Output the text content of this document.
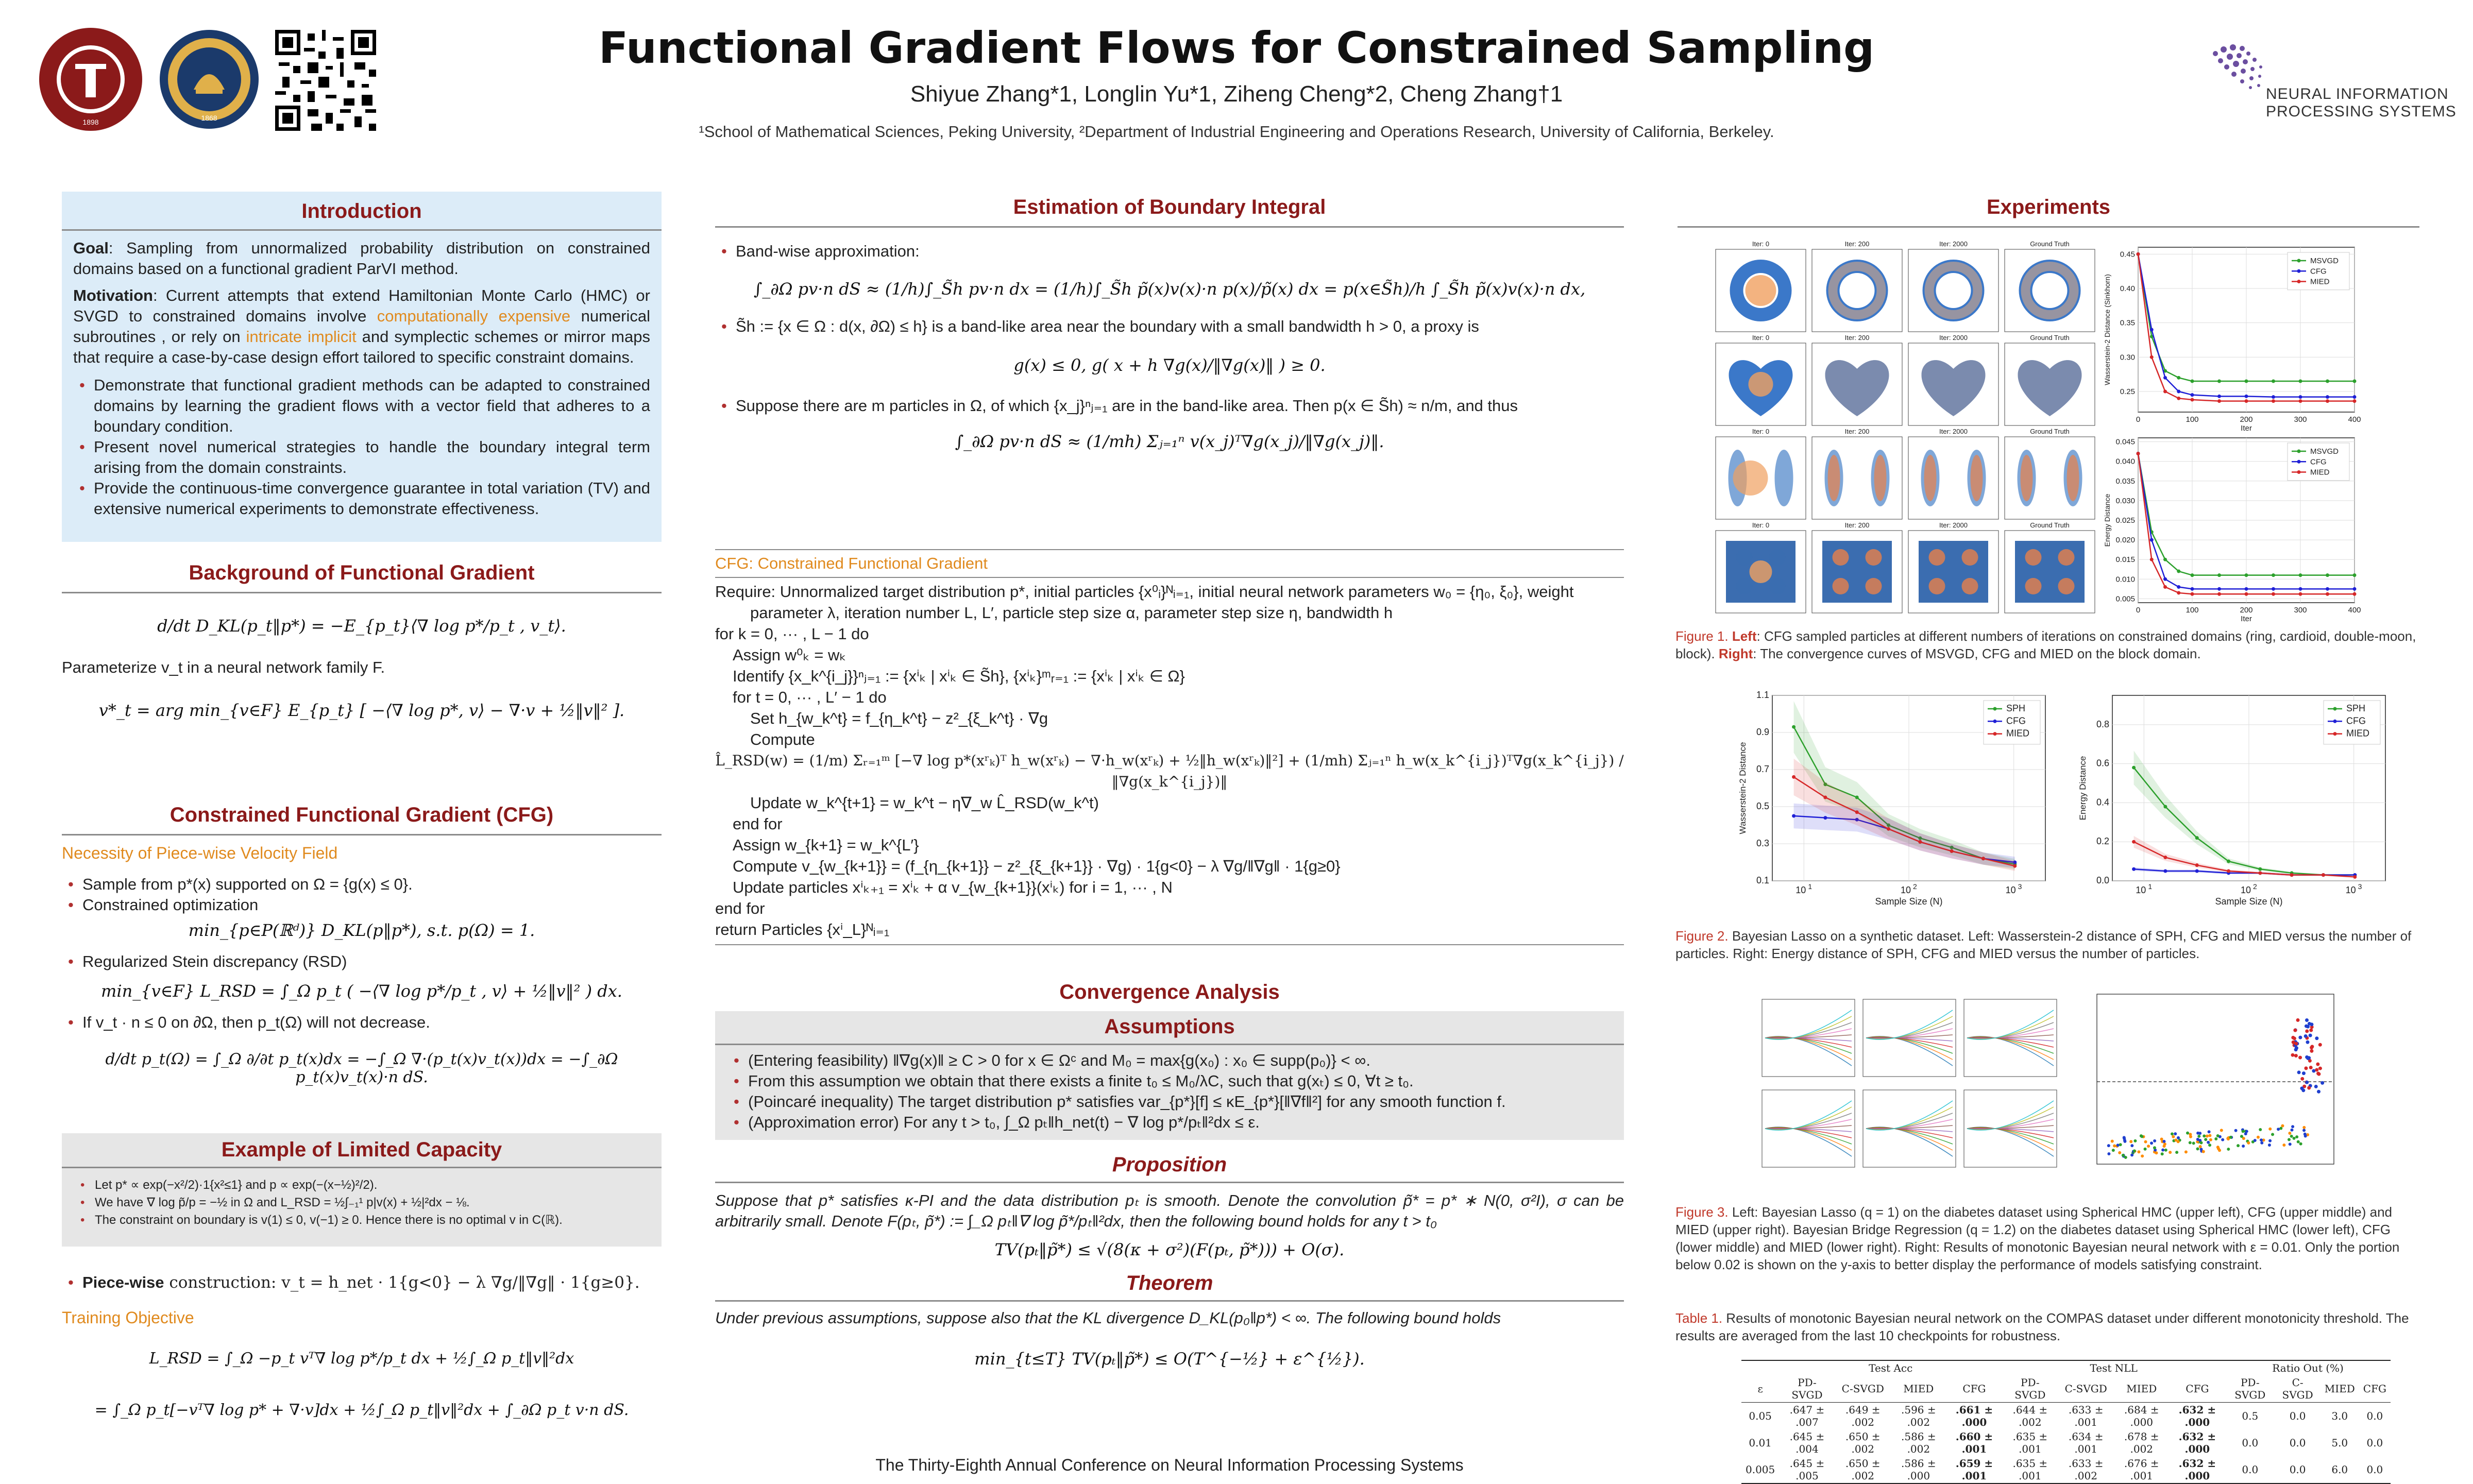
1898	1868
Functional Gradient Flows for Constrained Sampling
Shiyue Zhang*1, Longlin Yu*1, Ziheng Cheng*2, Cheng Zhang†1
¹School of Mathematical Sciences, Peking University, ²Department of Industrial Engineering and Operations Research, University of California, Berkeley.
NEURAL INFORMATION
PROCESSING SYSTEMS
Introduction
Goal: Sampling from unnormalized probability distribution on constrained domains based on a functional gradient ParVI method.
Motivation: Current attempts that extend Hamiltonian Monte Carlo (HMC) or SVGD to constrained domains involve computationally expensive numerical subroutines , or rely on intricate implicit and symplectic schemes or mirror maps that require a case-by-case design effort tailored to specific constraint domains.
• Demonstrate that functional gradient methods can be adapted to constrained domains by learning the gradient flows with a vector field that adheres to a boundary condition.
• Present novel numerical strategies to handle the boundary integral term arising from the domain constraints.
• Provide the continuous-time convergence guarantee in total variation (TV) and extensive numerical experiments to demonstrate effectiveness.
Background of Functional Gradient
d/dt D_KL(p_t‖p*) = −E_{p_t}⟨∇ log p*/p_t , v_t⟩.
Parameterize v_t in a neural network family F.
v*_t = arg min_{v∈F} E_{p_t} [ −⟨∇ log p*, v⟩ − ∇·v + ½‖v‖² ].
Constrained Functional Gradient (CFG)
Necessity of Piece-wise Velocity Field
• Sample from p*(x) supported on Ω = {g(x) ≤ 0}.
• Constrained optimization
min_{p∈P(ℝᵈ)} D_KL(p‖p*), s.t. p(Ω) = 1.
• Regularized Stein discrepancy (RSD)
min_{v∈F} L_RSD = ∫_Ω p_t ( −⟨∇ log p*/p_t , v⟩ + ½‖v‖² ) dx.
• If v_t · n ≤ 0 on ∂Ω, then p_t(Ω) will not decrease.
d/dt p_t(Ω) = ∫_Ω ∂/∂t p_t(x)dx = −∫_Ω ∇·(p_t(x)v_t(x))dx = −∫_∂Ω p_t(x)v_t(x)·n dS.
Example of Limited Capacity
• Let p* ∝ exp(−x²/2)·1{x²≤1} and p ∝ exp(−(x−½)²/2).
• We have ∇ log p̃/p = −½ in Ω and L_RSD = ½∫₋₁¹ p|v(x) + ½|²dx − ⅛.
• The constraint on boundary is v(1) ≤ 0, v(−1) ≥ 0. Hence there is no optimal v in C(ℝ).
• Piece-wise construction: v_t = h_net · 1{g<0} − λ ∇g/‖∇g‖ · 1{g≥0}.
Training Objective
L_RSD = ∫_Ω −p_t vᵀ∇ log p*/p_t dx + ½∫_Ω p_t‖v‖²dx
= ∫_Ω p_t[−vᵀ∇ log p* + ∇·v]dx + ½∫_Ω p_t‖v‖²dx + ∫_∂Ω p_t v·n dS.
Estimation of Boundary Integral
• Band-wise approximation:
∫_∂Ω pv·n dS ≈ (1/h)∫_S̃h pv·n dx = (1/h)∫_S̃h p̃(x)v(x)·n p(x)/p̃(x) dx = p(x∈S̃h)/h ∫_S̃h p̃(x)v(x)·n dx,
• S̃h := {x ∈ Ω : d(x, ∂Ω) ≤ h} is a band-like area near the boundary with a small bandwidth h > 0, a proxy is
g(x) ≤ 0, g( x + h ∇g(x)/‖∇g(x)‖ ) ≥ 0.
• Suppose there are m particles in Ω, of which {x_j}ⁿⱼ₌₁ are in the band-like area. Then p(x ∈ S̃h) ≈ n/m, and thus
∫_∂Ω pv·n dS ≈ (1/mh) Σⱼ₌₁ⁿ v(x_j)ᵀ∇g(x_j)/‖∇g(x_j)‖.
CFG: Constrained Functional Gradient
Require: Unnormalized target distribution p*, initial particles {x⁰ᵢ}ᴺᵢ₌₁, initial neural network parameters w₀ = {η₀, ξ₀}, weight
parameter λ, iteration number L, L′, particle step size α, parameter step size η, bandwidth h
for k = 0, ··· , L − 1 do
Assign w⁰ₖ = wₖ
Identify {x_k^{i_j}}ⁿⱼ₌₁ := {xⁱₖ | xⁱₖ ∈ S̃h}, {xⁱₖ}ᵐᵣ₌₁ := {xⁱₖ | xⁱₖ ∈ Ω}
for t = 0, ··· , L′ − 1 do
Set h_{w_k^t} = f_{η_k^t} − z²_{ξ_k^t} · ∇g
Compute
L̂_RSD(w) = (1/m) Σᵣ₌₁ᵐ [−∇ log p*(xʳₖ)ᵀ h_w(xʳₖ) − ∇·h_w(xʳₖ) + ½‖h_w(xʳₖ)‖²] + (1/mh) Σⱼ₌₁ⁿ h_w(x_k^{i_j})ᵀ∇g(x_k^{i_j}) / ‖∇g(x_k^{i_j})‖
Update w_k^{t+1} = w_k^t − η∇_w L̂_RSD(w_k^t)
end for
Assign w_{k+1} = w_k^{L′}
Compute v_{w_{k+1}} = (f_{η_{k+1}} − z²_{ξ_{k+1}} · ∇g) · 1{g<0} − λ ∇g/‖∇g‖ · 1{g≥0}
Update particles xⁱₖ₊₁ = xⁱₖ + α v_{w_{k+1}}(xⁱₖ) for i = 1, ··· , N
end for
return Particles {xⁱ_L}ᴺᵢ₌₁
Convergence Analysis
Assumptions
• (Entering feasibility) ‖∇g(x)‖ ≥ C > 0 for x ∈ Ωᶜ and M₀ = max{g(x₀) : x₀ ∈ supp(p₀)} < ∞.
• From this assumption we obtain that there exists a finite t₀ ≤ M₀/λC, such that g(xₜ) ≤ 0, ∀t ≥ t₀.
• (Poincaré inequality) The target distribution p* satisfies var_{p*}[f] ≤ κE_{p*}[‖∇f‖²] for any smooth function f.
• (Approximation error) For any t > t₀, ∫_Ω pₜ‖h_net(t) − ∇ log p*/pₜ‖²dx ≤ ε.
Proposition
Suppose that p* satisfies κ-PI and the data distribution pₜ is smooth. Denote the convolution p̃* = p* ∗ N(0, σ²I), σ can be arbitrarily small. Denote F(pₜ, p̃*) := ∫_Ω pₜ‖∇ log p̃*/pₜ‖²dx, then the following bound holds for any t > t₀
TV(pₜ‖p̃*) ≤ √(8(κ + σ²)(F(pₜ, p̃*))) + O(σ).
Theorem
Under previous assumptions, suppose also that the KL divergence D_KL(p₀‖p*) < ∞. The following bound holds
min_{t≤T} TV(pₜ‖p̃*) ≤ O(T^{−½} + ε^{½}).
The Thirty-Eighth Annual Conference on Neural Information Processing Systems
Experiments
Iter: 0	Iter: 200	Iter: 2000	Ground Truth
Iter: 0	Iter: 200	Iter: 2000	Ground Truth
Iter: 0	Iter: 200	Iter: 2000	Ground Truth
Iter: 0	Iter: 200	Iter: 2000	Ground Truth
0.25
0.30
0.35
0.40
0.45
0	100	200	300	400
MSVGD
CFG
MIED
Iter
Wasserstein-2 Distance (Sinkhorn)
0.005
0.010
0.015
0.020
0.025
0.030
0.035
0.040
0.045
0	100	200	300	400
MSVGD
CFG
MIED
Iter
Energy Distance
Figure 1. Left: CFG sampled particles at different numbers of iterations on constrained domains (ring, cardioid, double-moon, block). Right: The convergence curves of MSVGD, CFG and MIED on the block domain.
10 1	10 2	10 3
0.1
0.3
0.5
0.7
0.9
1.1
SPH
CFG
MIED
Sample Size (N)
Wasserstein-2 Distance
10 1	10 2	10 3
0.0
0.2
0.4
0.6
0.8
SPH
CFG
MIED
Sample Size (N)
Energy Distance
Figure 2. Bayesian Lasso on a synthetic dataset. Left: Wasserstein-2 distance of SPH, CFG and MIED versus the number of particles. Right: Energy distance of SPH, CFG and MIED versus the number of particles.
Figure 3. Left: Bayesian Lasso (q = 1) on the diabetes dataset using Spherical HMC (upper left), CFG (upper middle) and MIED (upper right). Bayesian Bridge Regression (q = 1.2) on the diabetes dataset using Spherical HMC (lower left), CFG (lower middle) and MIED (lower right). Right: Results of monotonic Bayesian neural network with ε = 0.01. Only the portion below 0.02 is shown on the y-axis to better display the performance of models satisfying constraint.
Table 1. Results of monotonic Bayesian neural network on the COMPAS dataset under different monotonicity threshold. The results are averaged from the last 10 checkpoints for robustness.
	Test Acc				Test NLL				Ratio Out (%)			
ε	PD-SVGD	C-SVGD	MIED	CFG	PD-SVGD	C-SVGD	MIED	CFG	PD-SVGD	C-SVGD	MIED	CFG
0.05	.647 ± .007	.649 ± .002	.596 ± .002	.661 ± .000	.644 ± .002	.633 ± .001	.684 ± .000	.632 ± .000	0.5	0.0	3.0	0.0
0.01	.645 ± .004	.650 ± .002	.586 ± .002	.660 ± .001	.635 ± .001	.634 ± .001	.678 ± .002	.632 ± .000	0.0	0.0	5.0	0.0
0.005	.645 ± .005	.650 ± .002	.586 ± .000	.659 ± .001	.635 ± .001	.633 ± .002	.676 ± .001	.632 ± .000	0.0	0.0	6.0	0.0
